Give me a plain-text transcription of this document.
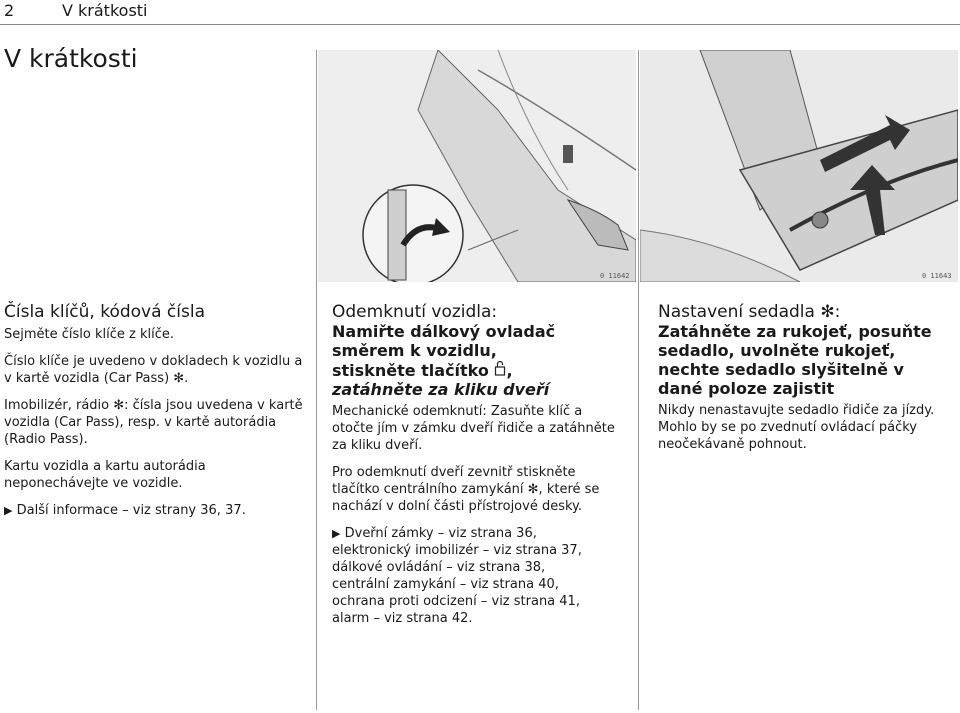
2	V krátkosti
V krátkosti
0 11642	0 11643
Čísla klíčů, kódová čísla

Sejměte číslo klíče z klíče.

Číslo klíče je uvedeno v dokladech k vozidlu a v kartě vozidla (Car Pass) ✻.

Imobilizér, rádio ✻: čísla jsou uvedena v kartě vozidla (Car Pass), resp. v kartě autorádia (Radio Pass).

Kartu vozidla a kartu autorádia neponechávejte ve vozidle.

▶ Další informace – viz strany 36, 37.

Odemknutí vozidla:
Namiřte dálkový ovladač směrem k vozidlu,
stiskněte tlačítko ,
zatáhněte za kliku dveří

Mechanické odemknutí: Zasuňte klíč a otočte jím v zámku dveří řidiče a zatáhněte za kliku dveří.

Pro odemknutí dveří zevnitř stiskněte tlačítko centrálního zamykání ✻, které se nachází v dolní části přístrojové desky.

▶ Dveřní zámky – viz strana 36,
elektronický imobilizér – viz strana 37,
dálkové ovládání – viz strana 38,
centrální zamykání – viz strana 40,
ochrana proti odcizení – viz strana 41,
alarm – viz strana 42.
Nastavení sedadla ✻:
Zatáhněte za rukojeť, posuňte sedadlo, uvolněte rukojeť, nechte sedadlo slyšitelně v dané poloze zajistit

Nikdy nenastavujte sedadlo řidiče za jízdy.

Mohlo by se po zvednutí ovládací páčky neočekávaně pohnout.
